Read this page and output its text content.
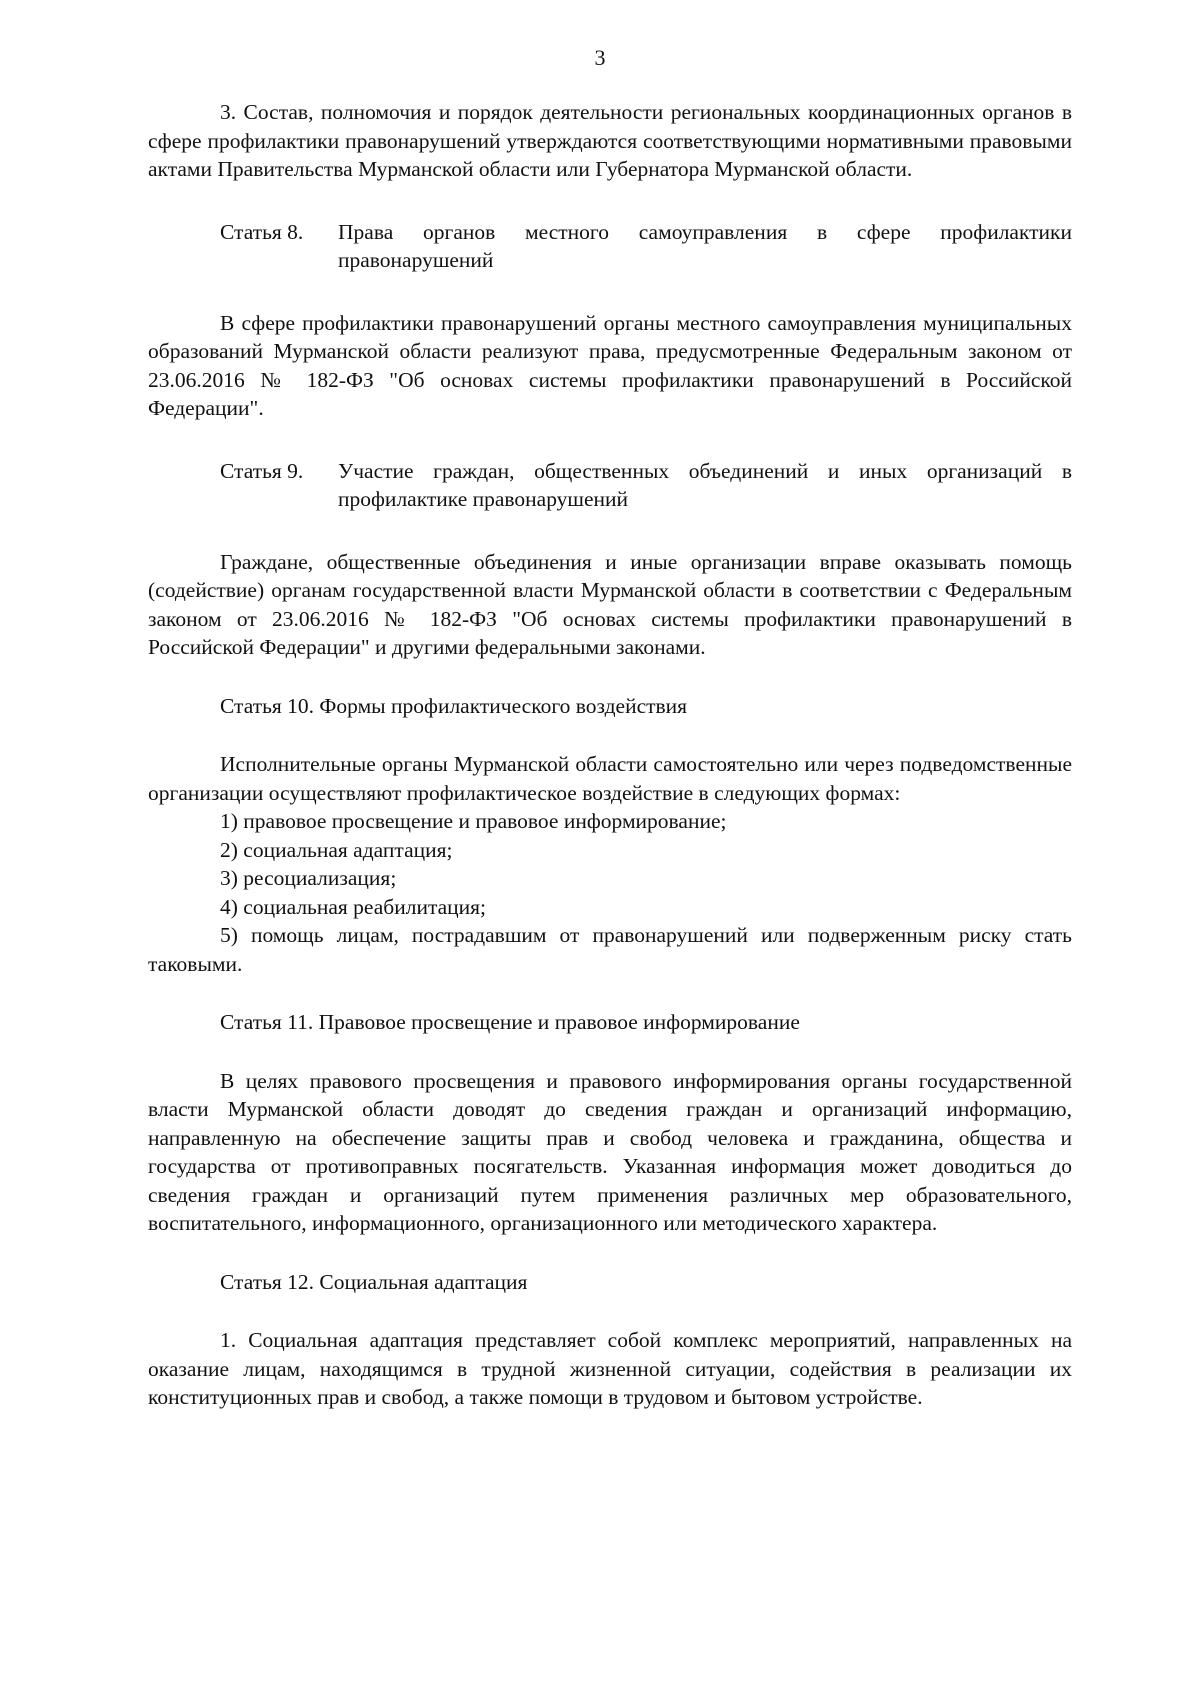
3

3. Состав, полномочия и порядок деятельности региональных координационных органов в сфере профилактики правонарушений утверждаются соответствующими нормативными правовыми актами Правительства Мурманской области или Губернатора Мурманской области.

Статья 8.	Права органов местного самоуправления в сфере профилактики правонарушений

В сфере профилактики правонарушений органы местного самоуправления муниципальных образований Мурманской области реализуют права, предусмотренные Федеральным законом от 23.06.2016 № 182-ФЗ "Об основах системы профилактики правонарушений в Российской Федерации".

Статья 9.	Участие граждан, общественных объединений и иных организаций в профилактике правонарушений

Граждане, общественные объединения и иные организации вправе оказывать помощь (содействие) органам государственной власти Мурманской области в соответствии с Федеральным законом от 23.06.2016 № 182-ФЗ "Об основах системы профилактики правонарушений в Российской Федерации" и другими федеральными законами.

Статья 10. Формы профилактического воздействия

Исполнительные органы Мурманской области самостоятельно или через подведомственные организации осуществляют профилактическое воздействие в следующих формах:

1) правовое просвещение и правовое информирование;

2) социальная адаптация;

3) ресоциализация;

4) социальная реабилитация;

5) помощь лицам, пострадавшим от правонарушений или подверженным риску стать таковыми.

Статья 11. Правовое просвещение и правовое информирование

В целях правового просвещения и правового информирования органы государственной власти Мурманской области доводят до сведения граждан и организаций информацию, направленную на обеспечение защиты прав и свобод человека и гражданина, общества и государства от противоправных посягательств. Указанная информация может доводиться до сведения граждан и организаций путем применения различных мер образовательного, воспитательного, информационного, организационного или методического характера.

Статья 12. Социальная адаптация

1. Социальная адаптация представляет собой комплекс мероприятий, направленных на оказание лицам, находящимся в трудной жизненной ситуации, содействия в реализации их конституционных прав и свобод, а также помощи в трудовом и бытовом устройстве.
